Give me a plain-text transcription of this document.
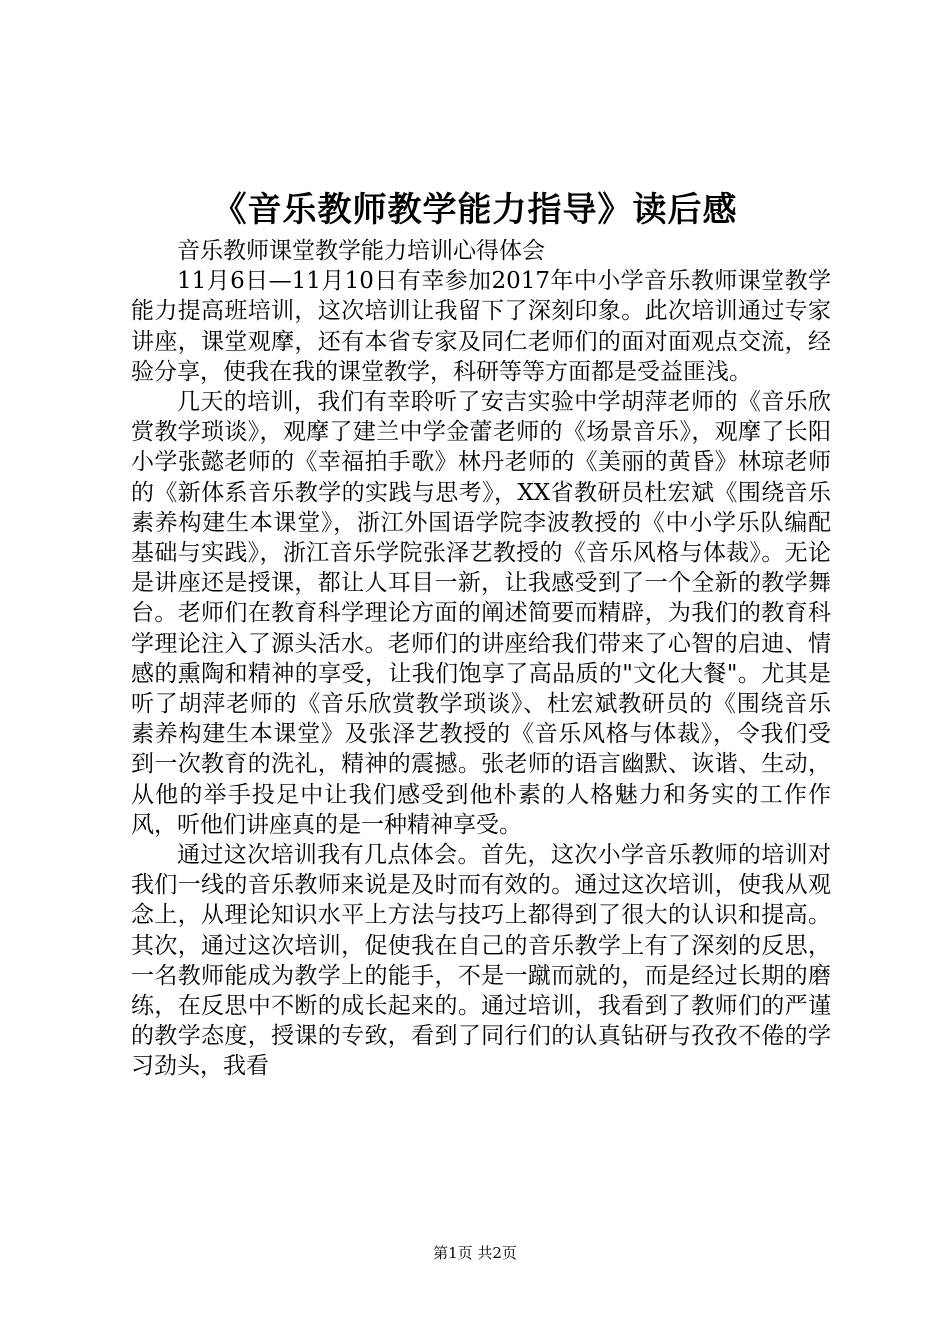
《音乐教师教学能力指导》读后感

音乐教师课堂教学能力培训心得体会

11月6日—11月10日有幸参加2017年中小学音乐教师课堂教学能力提高班培训，这次培训让我留下了深刻印象。此次培训通过专家讲座，课堂观摩，还有本省专家及同仁老师们的面对面观点交流，经验分享，使我在我的课堂教学，科研等等方面都是受益匪浅。

几天的培训，我们有幸聆听了安吉实验中学胡萍老师的《音乐欣赏教学琐谈》，观摩了建兰中学金蕾老师的《场景音乐》，观摩了长阳小学张懿老师的《幸福拍手歌》林丹老师的《美丽的黄昏》林琼老师的《新体系音乐教学的实践与思考》，XX省教研员杜宏斌《围绕音乐素养构建生本课堂》，浙江外国语学院李波教授的《中小学乐队编配基础与实践》，浙江音乐学院张泽艺教授的《音乐风格与体裁》。无论是讲座还是授课，都让人耳目一新，让我感受到了一个全新的教学舞台。老师们在教育科学理论方面的阐述简要而精辟，为我们的教育科学理论注入了源头活水。老师们的讲座给我们带来了心智的启迪、情感的熏陶和精神的享受，让我们饱享了高品质的"文化大餐"。尤其是听了胡萍老师的《音乐欣赏教学琐谈》、杜宏斌教研员的《围绕音乐素养构建生本课堂》及张泽艺教授的《音乐风格与体裁》，令我们受到一次教育的洗礼，精神的震撼。张老师的语言幽默、诙谐、生动，从他的举手投足中让我们感受到他朴素的人格魅力和务实的工作作风，听他们讲座真的是一种精神享受。

通过这次培训我有几点体会。首先，这次小学音乐教师的培训对我们一线的音乐教师来说是及时而有效的。通过这次培训，使我从观念上，从理论知识水平上方法与技巧上都得到了很大的认识和提高。其次，通过这次培训，促使我在自己的音乐教学上有了深刻的反思，一名教师能成为教学上的能手，不是一蹴而就的，而是经过长期的磨练，在反思中不断的成长起来的。通过培训，我看到了教师们的严谨的教学态度，授课的专致，看到了同行们的认真钻研与孜孜不倦的学习劲头，我看

第1页 共2页
